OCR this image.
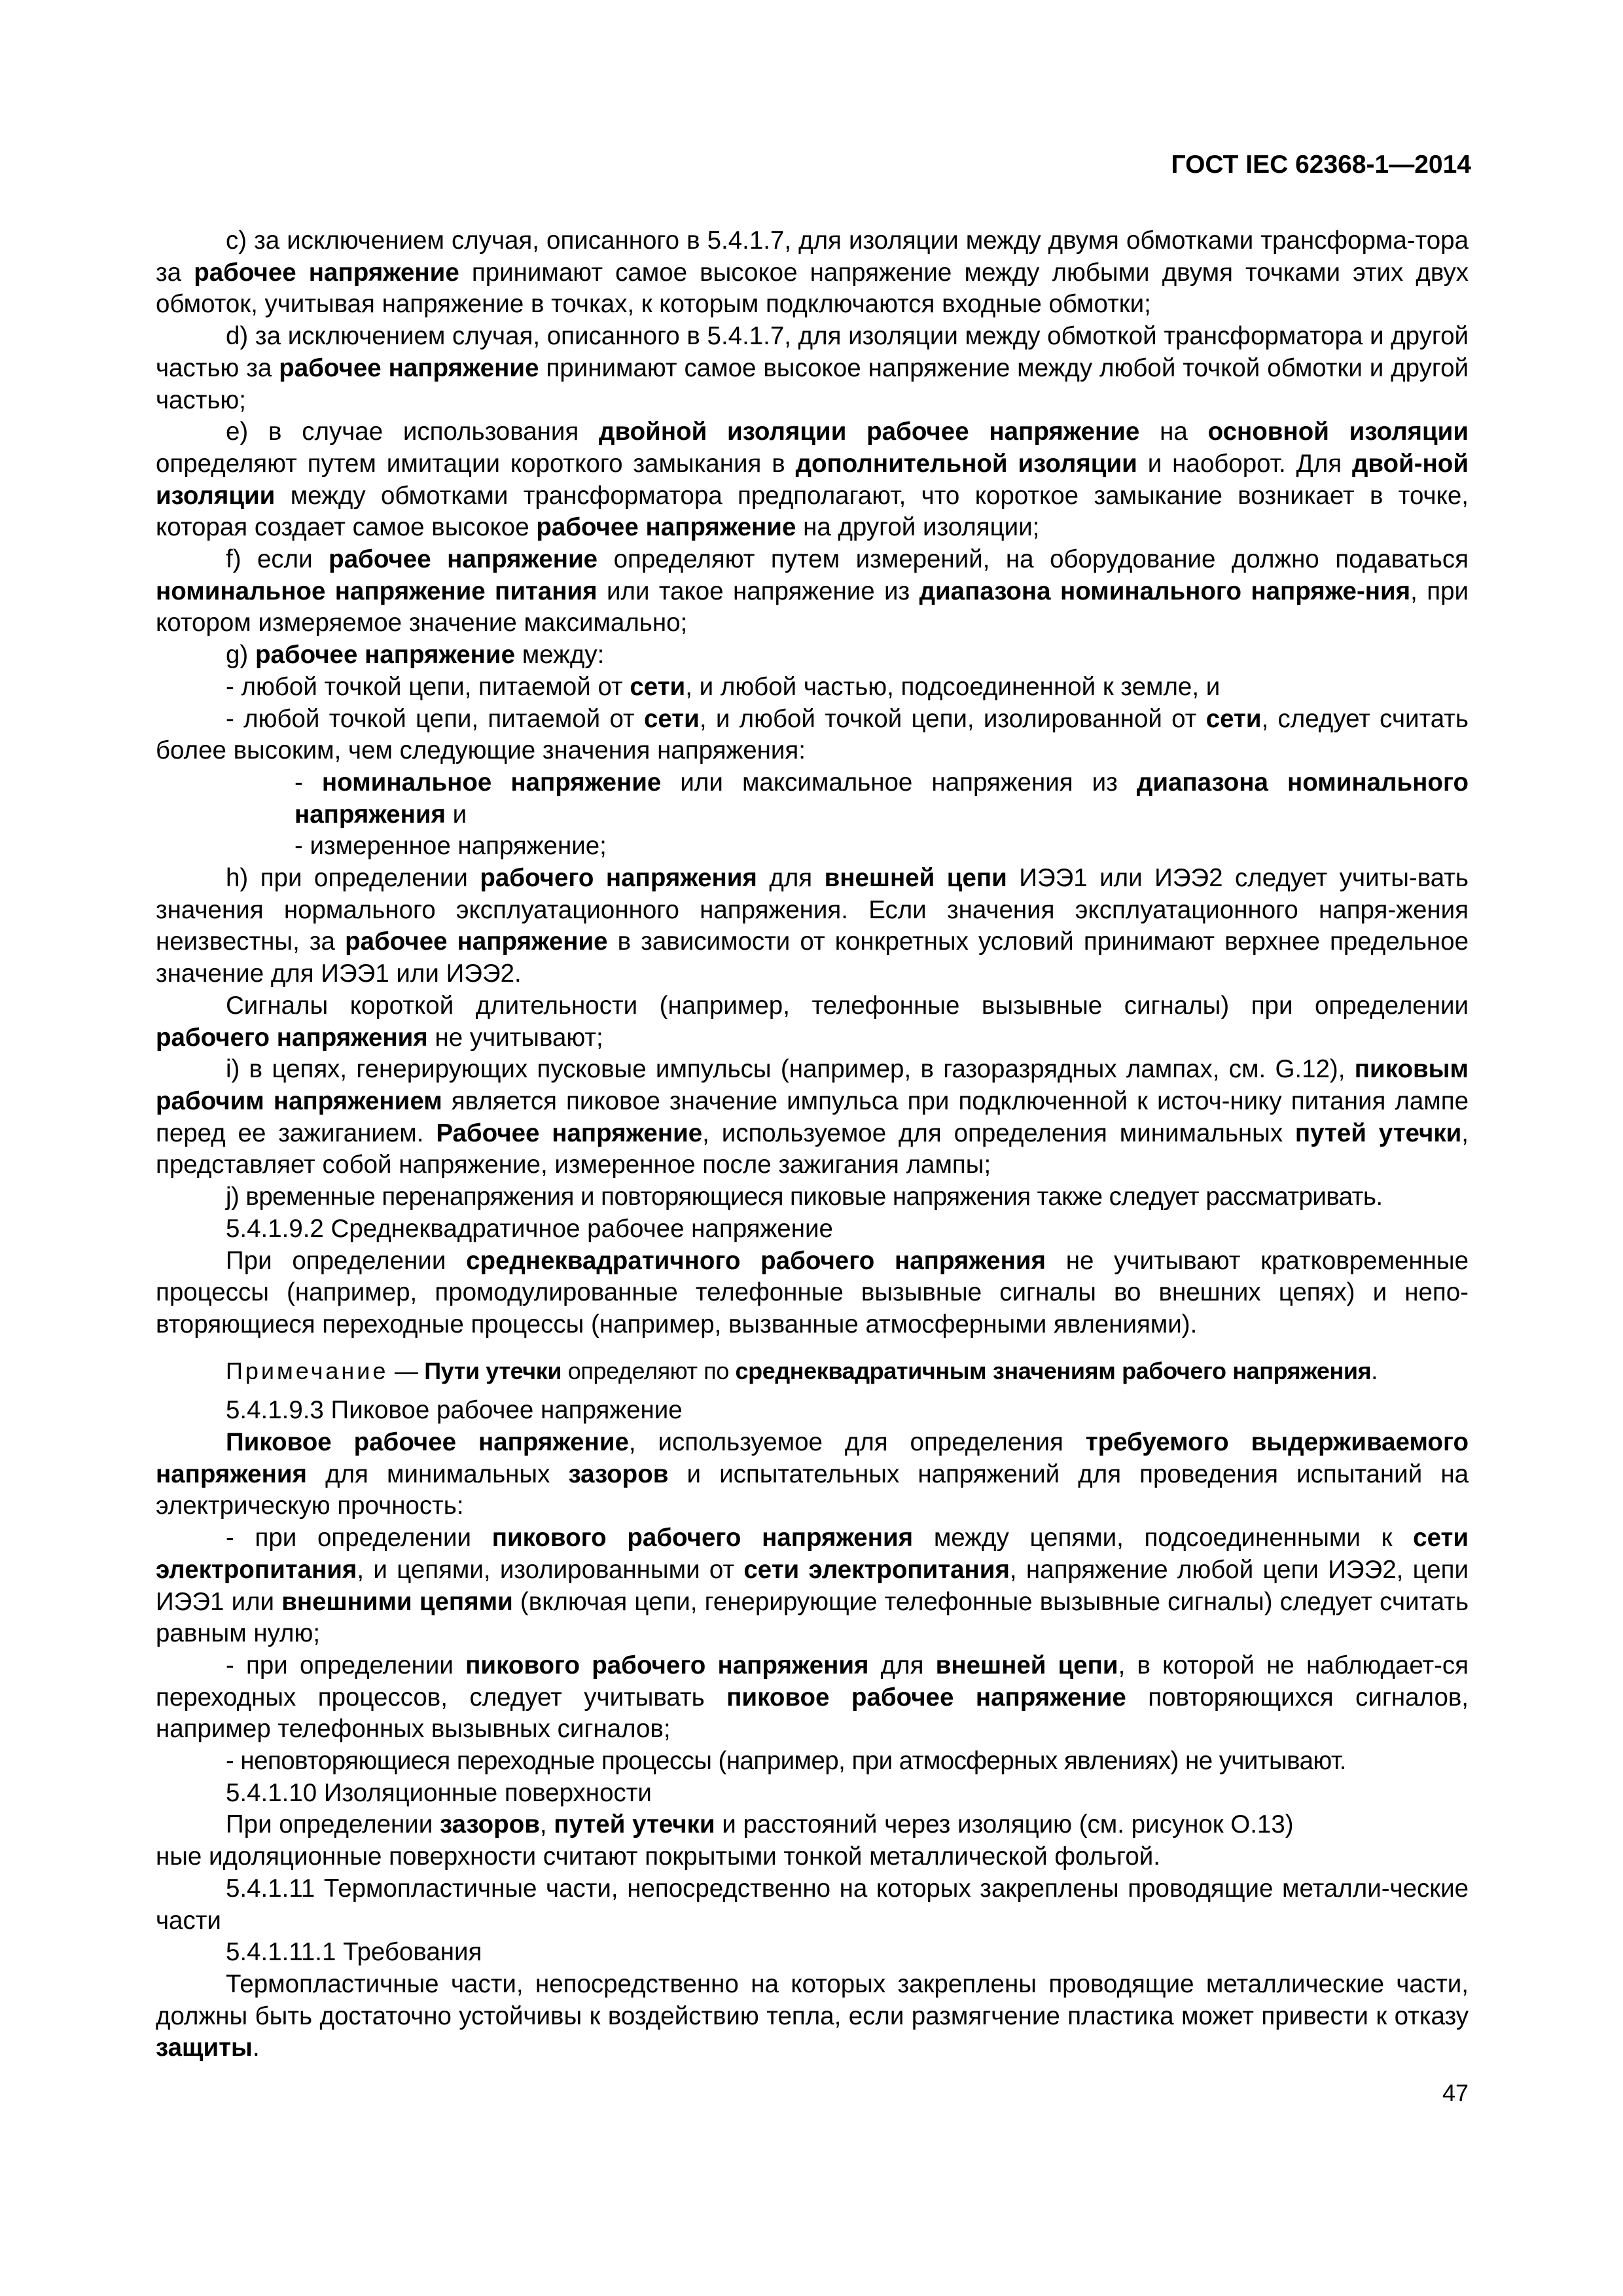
ГОСТ IEC 62368-1—2014

c) за исключением случая, описанного в 5.4.1.7, для изоляции между двумя обмотками трансформа-тора за рабочее напряжение принимают самое высокое напряжение между любыми двумя точками этих двух обмоток, учитывая напряжение в точках, к которым подключаются входные обмотки;

d) за исключением случая, описанного в 5.4.1.7, для изоляции между обмоткой трансформатора и другой частью за рабочее напряжение принимают самое высокое напряжение между любой точкой обмотки и другой частью;

e) в случае использования двойной изоляции рабочее напряжение на основной изоляции определяют путем имитации короткого замыкания в дополнительной изоляции и наоборот. Для двой-ной изоляции между обмотками трансформатора предполагают, что короткое замыкание возникает в точке, которая создает самое высокое рабочее напряжение на другой изоляции;

f) если рабочее напряжение определяют путем измерений, на оборудование должно подаваться номинальное напряжение питания или такое напряжение из диапазона номинального напряже-ния, при котором измеряемое значение максимально;

g) рабочее напряжение между:

- любой точкой цепи, питаемой от сети, и любой частью, подсоединенной к земле, и

- любой точкой цепи, питаемой от сети, и любой точкой цепи, изолированной от сети, следует считать более высоким, чем следующие значения напряжения:

- номинальное напряжение или максимальное напряжения из диапазона номинального напряжения и

- измеренное напряжение;

h) при определении рабочего напряжения для внешней цепи ИЭЭ1 или ИЭЭ2 следует учиты-вать значения нормального эксплуатационного напряжения. Если значения эксплуатационного напря-жения неизвестны, за рабочее напряжение в зависимости от конкретных условий принимают верхнее предельное значение для ИЭЭ1 или ИЭЭ2.

Сигналы короткой длительности (например, телефонные вызывные сигналы) при определении рабочего напряжения не учитывают;

i) в цепях, генерирующих пусковые импульсы (например, в газоразрядных лампах, см. G.12), пиковым рабочим напряжением является пиковое значение импульса при подключенной к источ-нику питания лампе перед ее зажиганием. Рабочее напряжение, используемое для определения минимальных путей утечки, представляет собой напряжение, измеренное после зажигания лампы;

j) временные перенапряжения и повторяющиеся пиковые напряжения также следует рассматривать.

5.4.1.9.2 Среднеквадратичное рабочее напряжение

При определении среднеквадратичного рабочего напряжения не учитывают кратковременные процессы (например, промодулированные телефонные вызывные сигналы во внешних цепях) и непо-вторяющиеся переходные процессы (например, вызванные атмосферными явлениями).

Примечание — Пути утечки определяют по среднеквадратичным значениям рабочего напряжения.

5.4.1.9.3 Пиковое рабочее напряжение

Пиковое рабочее напряжение, используемое для определения требуемого выдерживаемого напряжения для минимальных зазоров и испытательных напряжений для проведения испытаний на электрическую прочность:

- при определении пикового рабочего напряжения между цепями, подсоединенными к сети электропитания, и цепями, изолированными от сети электропитания, напряжение любой цепи ИЭЭ2, цепи ИЭЭ1 или внешними цепями (включая цепи, генерирующие телефонные вызывные сигналы) следует считать равным нулю;

- при определении пикового рабочего напряжения для внешней цепи, в которой не наблюдает-ся переходных процессов, следует учитывать пиковое рабочее напряжение повторяющихся сигналов, например телефонных вызывных сигналов;

- неповторяющиеся переходные процессы (например, при атмосферных явлениях) не учитывают.

5.4.1.10 Изоляционные поверхности

При определении зазоров, путей утечки и расстояний через изоляцию (см. рисунок O.13)

ные идоляционные поверхности считают покрытыми тонкой металлической фольгой.

5.4.1.11 Термопластичные части, непосредственно на которых закреплены проводящие металли-ческие части

5.4.1.11.1 Требования

Термопластичные части, непосредственно на которых закреплены проводящие металлические части, должны быть достаточно устойчивы к воздействию тепла, если размягчение пластика может привести к отказу защиты.

47
